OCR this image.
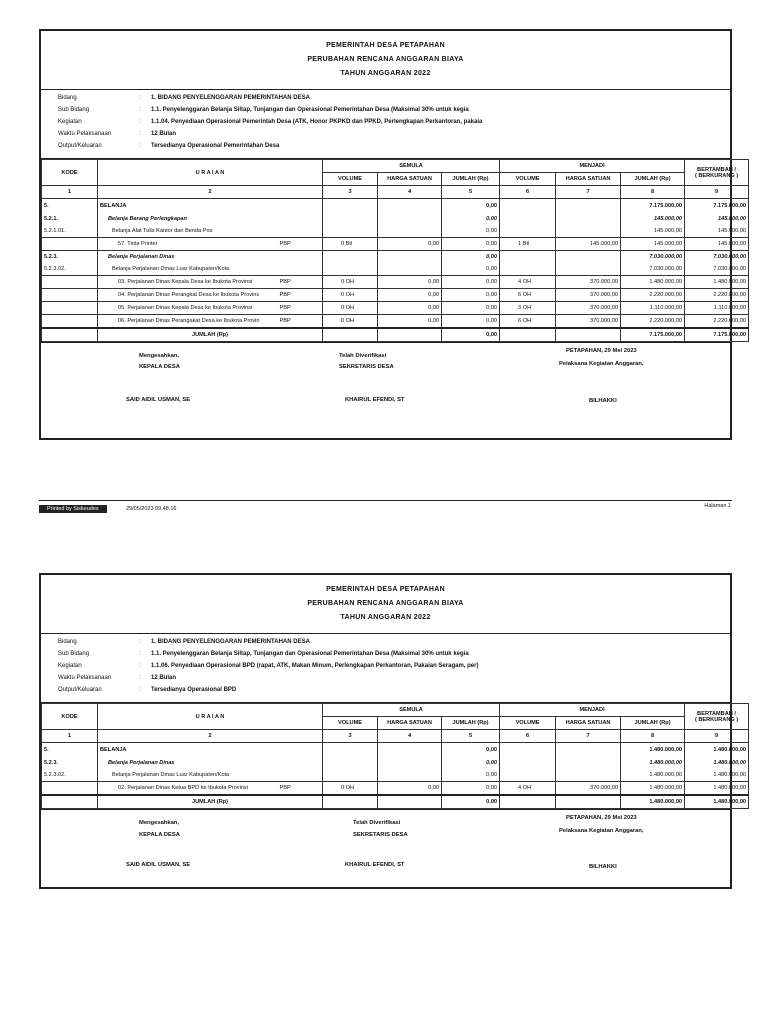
PEMERINTAH DESA PETAPAHAN
PERUBAHAN RENCANA ANGGARAN BIAYA
TAHUN ANGGARAN 2022
Bidang	: 1. BIDANG PENYELENGGARAN PEMERINTAHAN DESA
Sub Bidang	: 1.1. Penyelenggaran Belanja Siltap, Tunjangan dan Operasional Pemerintahan Desa (Maksimal 30% untuk kegia
Kegiatan	: 1.1.04. Penyediaan Operasional Pemerintah Desa (ATK, Honor PKPKD dan PPKD, Perlengkapan Perkantoran, pakaia
Waktu Pelaksanaan	: 12 Bulan
Output/Keluaran	: Tersedianya Operasional Pemerintahan Desa
KODE	U R A I A N		SEMULA			MENJADI			BERTAMBAH /
( BERKURANG )

			VOLUME	HARGA SATUAN	JUMLAH (Rp)	VOLUME	HARGA SATUAN	JUMLAH (Rp)	
1	2		3	4	5	6	7	8	9
5.	BELANJA				0,00			7.175.000,00	7.175.000,00
5.2.1.	Belanja Barang Perlengkapan				0,00			145.000,00	145.000,00
5.2.1.01.	Belanja Alat Tulis Kantor dan Benda Pos				0,00			145.000,00	145.000,00
	57. Tinta Printer	PBP	0 Btl	0,00	0,00	1 Btl	145.000,00	145.000,00	145.000,00
5.2.3.	Belanja Perjalanan Dinas				0,00			7.030.000,00	7.030.000,00
5.2.3.02.	Belanja Perjalanan Dinas Luar Kabupaten/Kota				0,00			7.030.000,00	7.030.000,00
	03. Perjalanan Dinas Kepala Desa ke Ibukota Provinsi	PBP	0 OH	0,00	0,00	4 OH	370.000,00	1.480.000,00	1.480.000,00
	04. Perjalanan Dinas Perangkat Desa ke Ibukota Provins	PBP	0 OH	0,00	0,00	6 OH	370.000,00	2.220.000,00	2.220.000,00
	05. Perjalanan Dinas Kepala Desa ke Ibukota Provinsi	PBP	0 OH	0,00	0,00	3 OH	370.000,00	1.110.000,00	1.110.000,00
	06. Perjalanan Dinas Perangakat Desa ke Ibukota Provin	PBP	0 OH	0,00	0,00	6 OH	370.000,00	2.220.000,00	2.220.000,00
	JUMLAH (Rp)				0,00			7.175.000,00	7.175.000,00
Mengesahkan,
KEPALA DESA
Telah Diverifikasi
SEKRETARIS DESA
PETAPAHAN, 29 Mei 2023
Pelaksana Kegiatan Anggaran,
SAID AIDIL USMAN, SE	KHAIRUL EFENDI, ST	BILHAKKI
Printed by Siskeudes	29/05/2023 09.48.16	Halaman 1
PEMERINTAH DESA PETAPAHAN
PERUBAHAN RENCANA ANGGARAN BIAYA
TAHUN ANGGARAN 2022
Bidang	: 1. BIDANG PENYELENGGARAN PEMERINTAHAN DESA
Sub Bidang	: 1.1. Penyelenggaran Belanja Siltap, Tunjangan dan Operasional Pemerintahan Desa (Maksimal 30% untuk kegia
Kegiatan	: 1.1.06. Penyediaan Operasional BPD (rapat, ATK, Makan Minum, Perlengkapan Perkantoran, Pakaian Seragam, per)
Waktu Pelaksanaan	: 12 Bulan
Output/Keluaran	: Tersedianya Operasional BPD
KODE	U R A I A N		SEMULA			MENJADI			BERTAMBAH /
( BERKURANG )

			VOLUME	HARGA SATUAN	JUMLAH (Rp)	VOLUME	HARGA SATUAN	JUMLAH (Rp)	
1	2		3	4	5	6	7	8	9
5.	BELANJA				0,00			1.480.000,00	1.480.000,00
5.2.3.	Belanja Perjalanan Dinas				0,00			1.480.000,00	1.480.000,00
5.2.3.02.	Belanja Perjalanan Dinas Luar Kabupaten/Kota				0,00			1.480.000,00	1.480.000,00
	02. Perjalanan Dinas Ketua BPD ke Ibukota Provinsi	PBP	0 OH	0,00	0,00	4 OH	370.000,00	1.480.000,00	1.480.000,00
	JUMLAH (Rp)				0,00			1.480.000,00	1.480.000,00
Mengesahkan,
KEPALA DESA
Telah Diverifikasi
SEKRETARIS DESA
PETAPAHAN, 29 Mei 2023
Pelaksana Kegiatan Anggaran,
SAID AIDIL USMAN, SE	KHAIRUL EFENDI, ST	BILHAKKI
